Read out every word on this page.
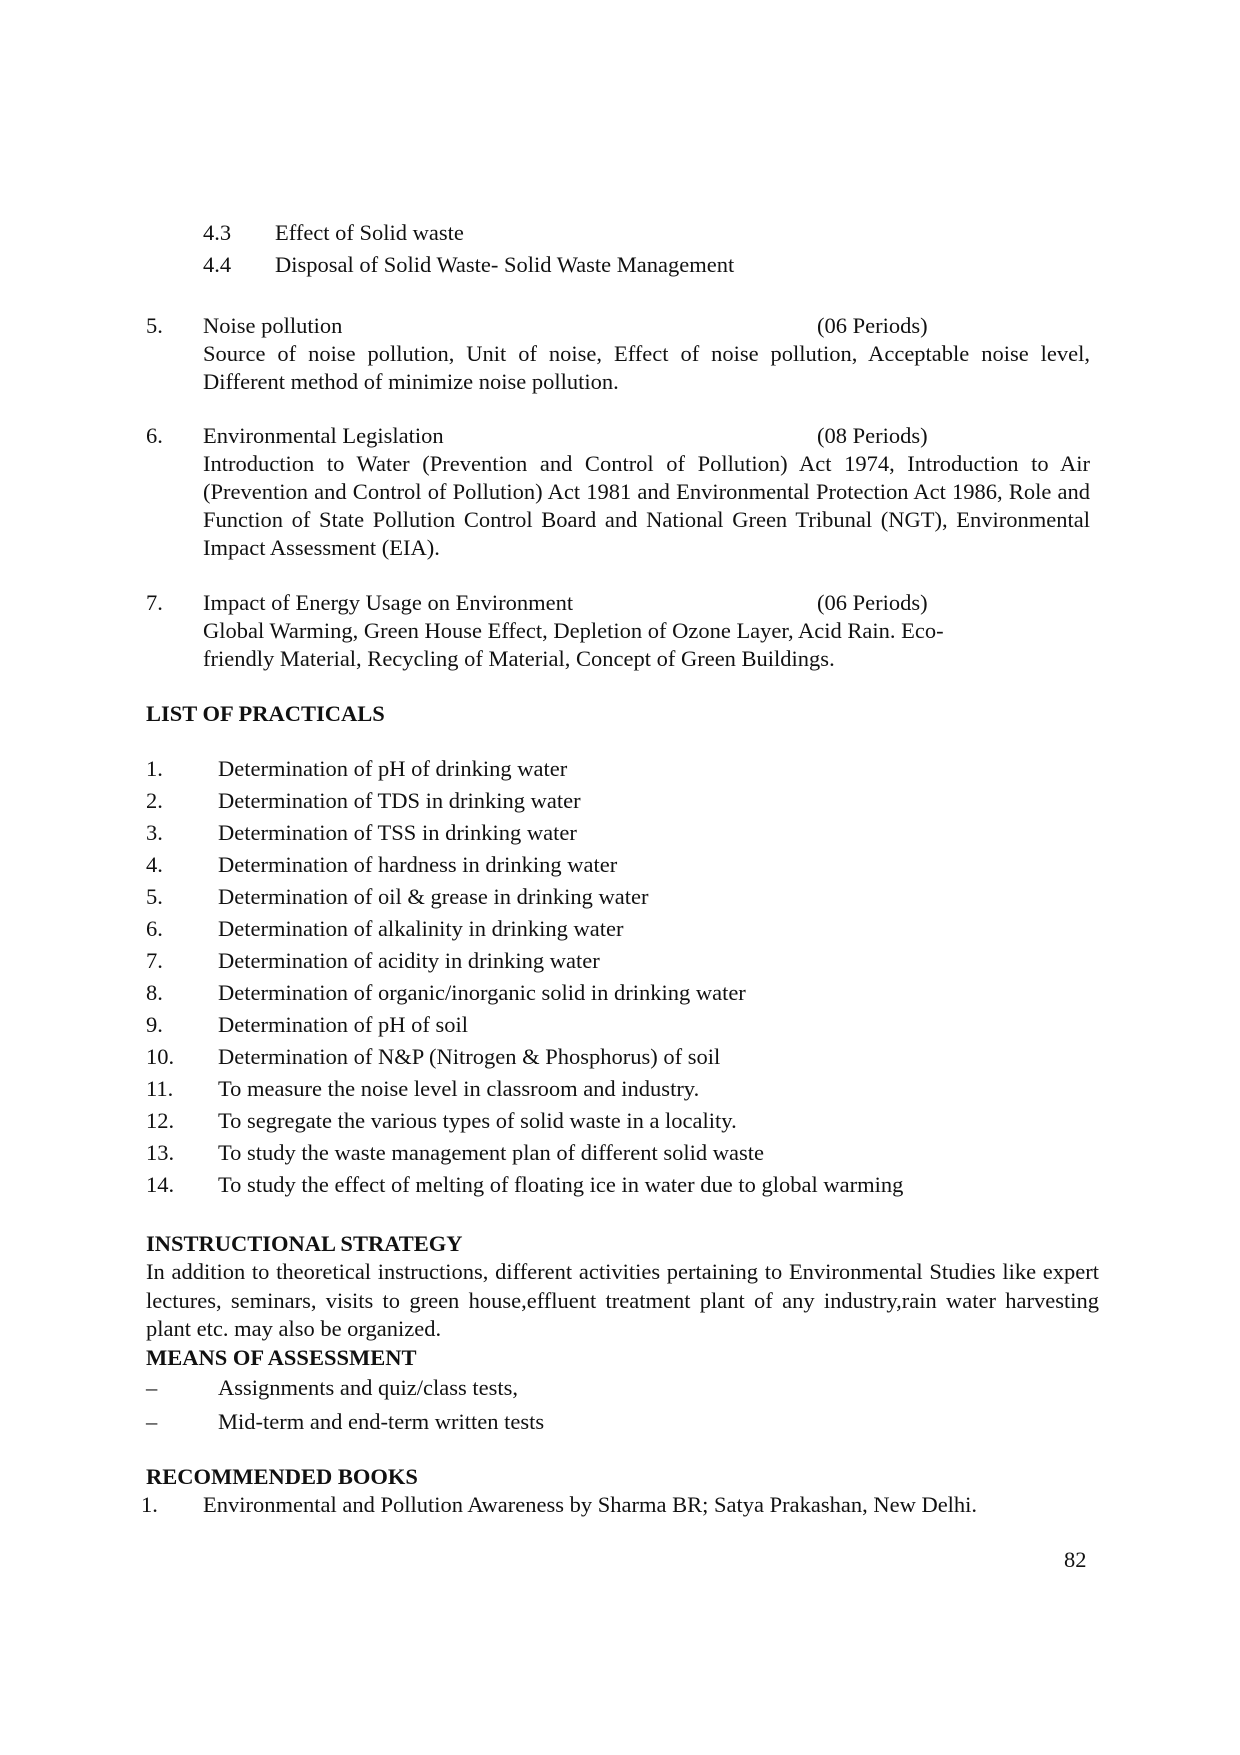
4.3 Effect of Solid waste
4.4 Disposal of Solid Waste- Solid Waste Management
5. Noise pollution	(06 Periods)
Source of noise pollution, Unit of noise, Effect of noise pollution, Acceptable noise level, Different method of minimize noise pollution.
6. Environmental Legislation	(08 Periods)
Introduction to Water (Prevention and Control of Pollution) Act 1974, Introduction to Air (Prevention and Control of Pollution) Act 1981 and Environmental Protection Act 1986, Role and Function of State Pollution Control Board and National Green Tribunal (NGT), Environmental Impact Assessment (EIA).
7. Impact of Energy Usage on Environment	(06 Periods)
Global Warming, Green House Effect, Depletion of Ozone Layer, Acid Rain. Eco-
friendly Material, Recycling of Material, Concept of Green Buildings.
LIST OF PRACTICALS
1. Determination of pH of drinking water
2. Determination of TDS in drinking water
3. Determination of TSS in drinking water
4. Determination of hardness in drinking water
5. Determination of oil & grease in drinking water
6. Determination of alkalinity in drinking water
7. Determination of acidity in drinking water
8. Determination of organic/inorganic solid in drinking water
9. Determination of pH of soil
10. Determination of N&P (Nitrogen & Phosphorus) of soil
11. To measure the noise level in classroom and industry.
12. To segregate the various types of solid waste in a locality.
13. To study the waste management plan of different solid waste
14. To study the effect of melting of floating ice in water due to global warming
INSTRUCTIONAL STRATEGY
In addition to theoretical instructions, different activities pertaining to Environmental Studies like expert lectures, seminars, visits to green house,effluent treatment plant of any industry,rain water harvesting plant etc. may also be organized.
MEANS OF ASSESSMENT
–	Assignments and quiz/class tests,
–	Mid-term and end-term written tests
RECOMMENDED BOOKS
1. Environmental and Pollution Awareness by Sharma BR; Satya Prakashan, New Delhi.
82
